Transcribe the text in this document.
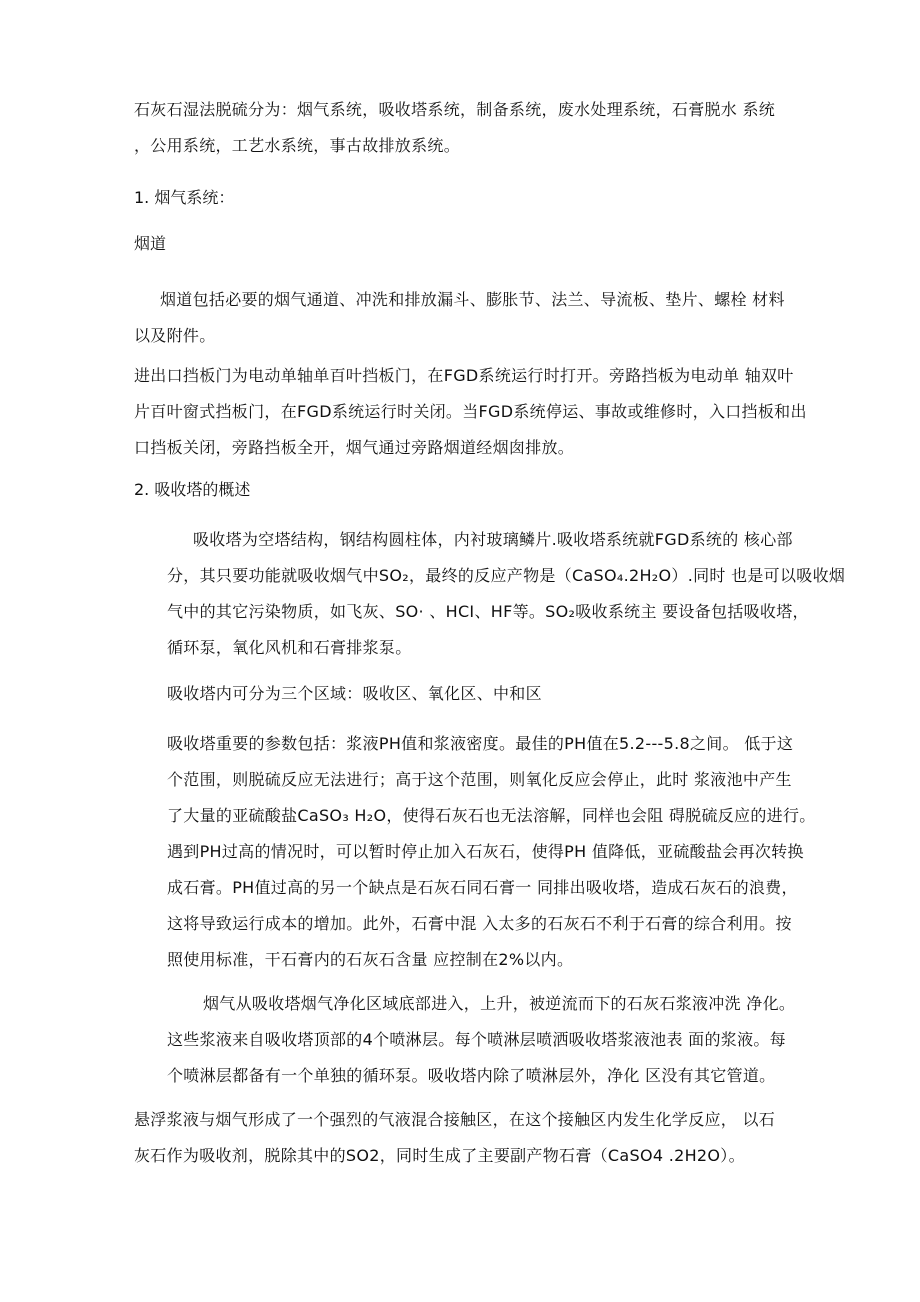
石灰石湿法脱硫分为：烟气系统，吸收塔系统，制备系统，废水处理系统，石膏脱水 系统
，公用系统，工艺水系统，事古故排放系统。
1. 烟气系统：
烟道
烟道包括必要的烟气通道、冲洗和排放漏斗、膨胀节、法兰、导流板、垫片、螺栓 材料
以及附件。
进出口挡板门为电动单轴单百叶挡板门，在FGD系统运行时打开。旁路挡板为电动单 轴双叶
片百叶窗式挡板门，在FGD系统运行时关闭。当FGD系统停运、事故或维修时，入口挡板和出
口挡板关闭，旁路挡板全开，烟气通过旁路烟道经烟囱排放。
2. 吸收塔的概述
吸收塔为空塔结构，钢结构圆柱体，内衬玻璃鳞片.吸收塔系统就FGD系统的 核心部
分，其只要功能就吸收烟气中SO₂，最终的反应产物是（CaSO₄.2H₂O）.同时 也是可以吸收烟
气中的其它污染物质，如飞灰、SO· 、HCI、HF等。SO₂吸收系统主 要设备包括吸收塔，
循环泵，氧化风机和石膏排浆泵。
吸收塔内可分为三个区域：吸收区、氧化区、中和区
吸收塔重要的参数包括：浆液PH值和浆液密度。最佳的PH值在5.2---5.8之间。 低于这
个范围，则脱硫反应无法进行；高于这个范围，则氧化反应会停止，此时 浆液池中产生
了大量的亚硫酸盐CaSO₃ H₂O，使得石灰石也无法溶解，同样也会阻 碍脱硫反应的进行。
遇到PH过高的情况时，可以暂时停止加入石灰石，使得PH 值降低，亚硫酸盐会再次转换
成石膏。PH值过高的另一个缺点是石灰石同石膏一 同排出吸收塔，造成石灰石的浪费，
这将导致运行成本的增加。此外，石膏中混 入太多的石灰石不利于石膏的综合利用。按
照使用标准，干石膏内的石灰石含量 应控制在2%以内。
烟气从吸收塔烟气净化区域底部进入，上升，被逆流而下的石灰石浆液冲洗 净化。
这些浆液来自吸收塔顶部的4个喷淋层。每个喷淋层喷洒吸收塔浆液池表 面的浆液。每
个喷淋层都备有一个单独的循环泵。吸收塔内除了喷淋层外，净化 区没有其它管道。
悬浮浆液与烟气形成了一个强烈的气液混合接触区，在这个接触区内发生化学反应， 以石
灰石作为吸收剂，脱除其中的SO2，同时生成了主要副产物石膏（CaSO4 .2H2O）。
